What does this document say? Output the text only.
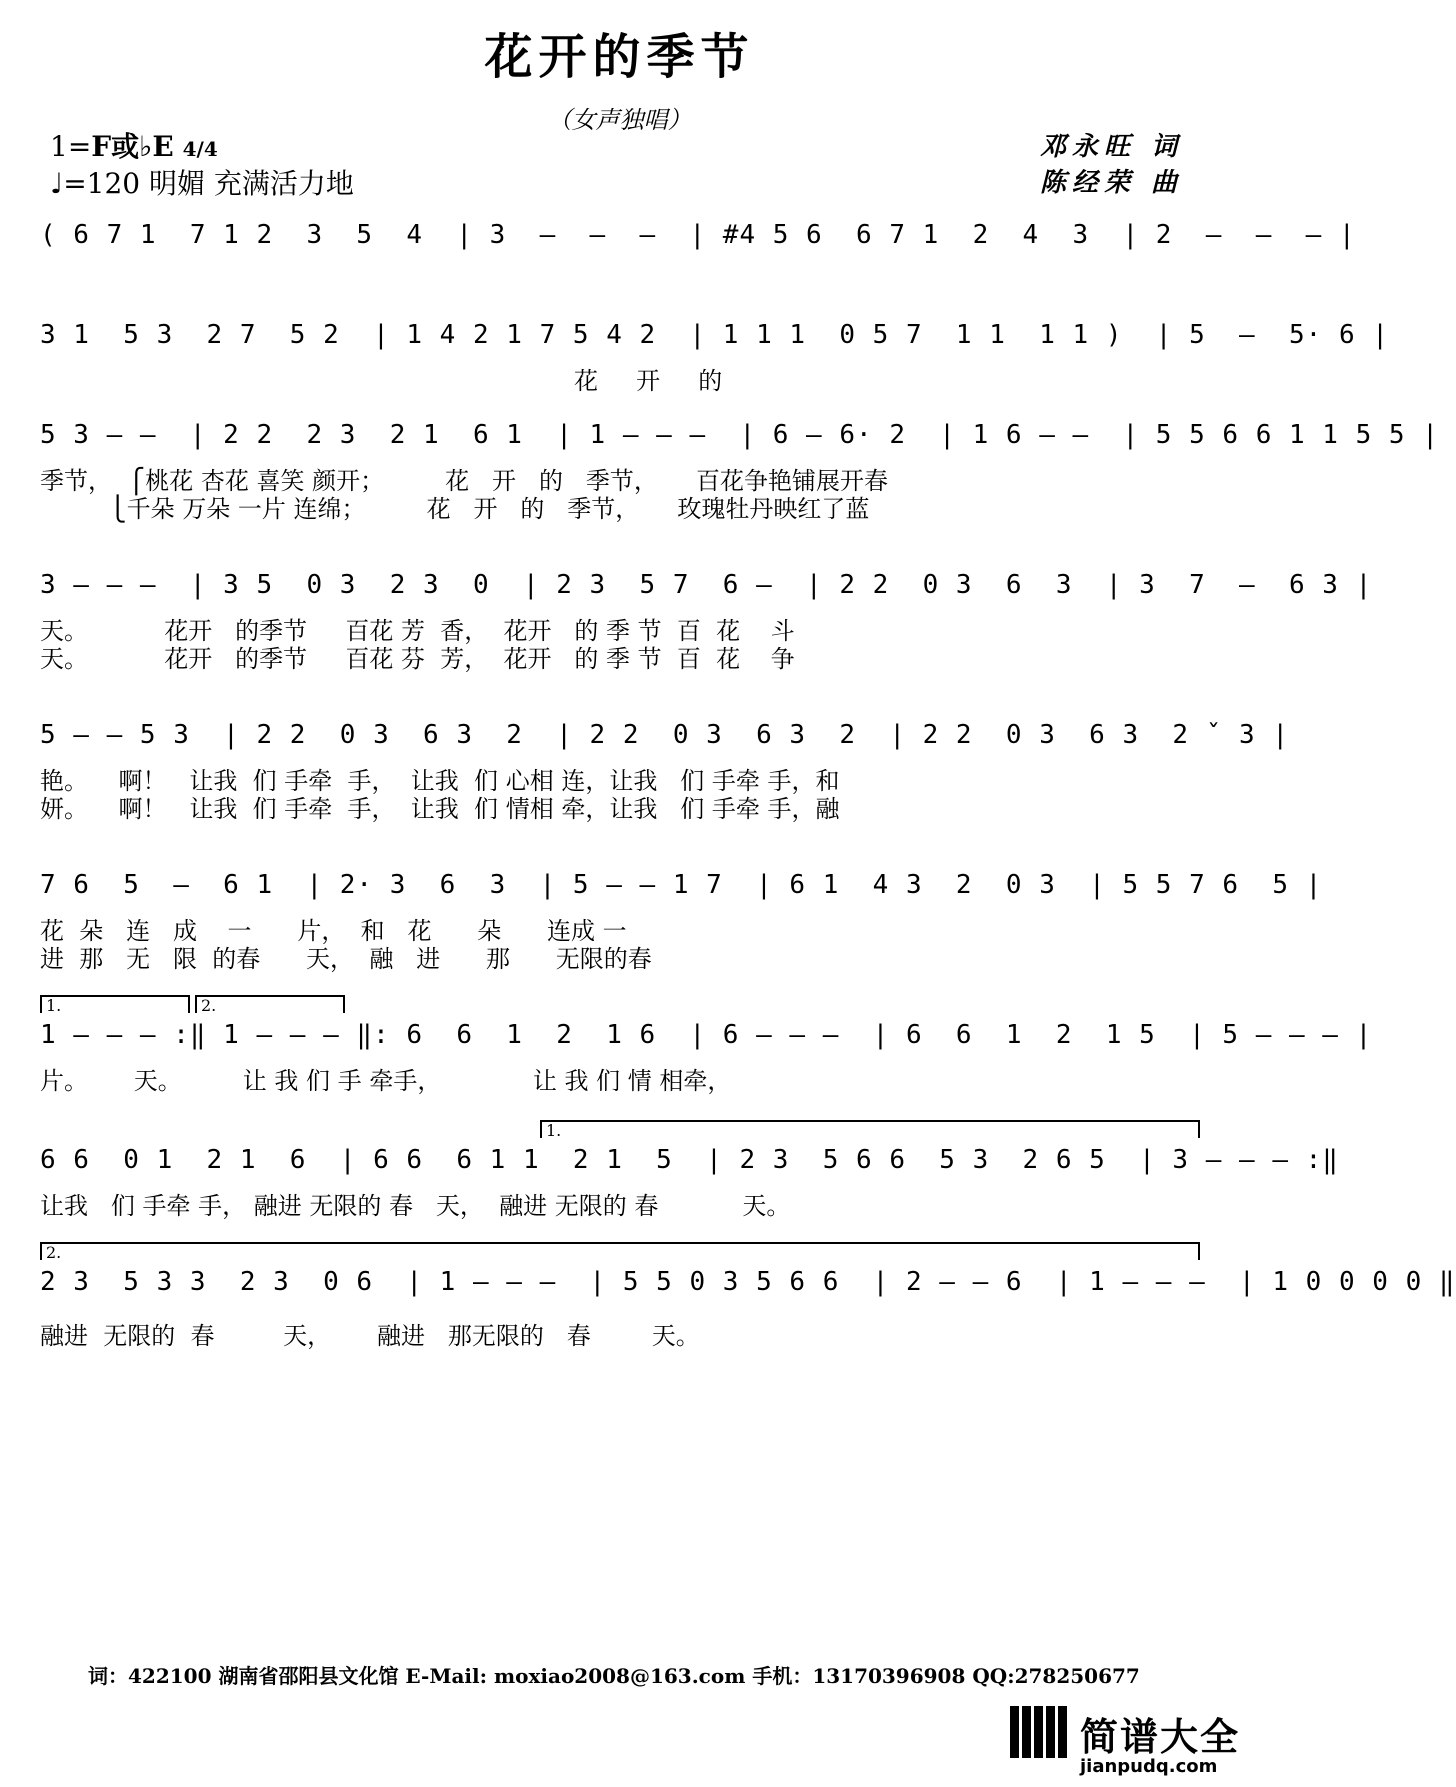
花开的季节
（女声独唱）
1=F或♭E 4/4
♩=120 明媚 充满活力地
邓永旺 词
陈经荣 曲
( 6 7 1  7 1 2  3  5  4  | 3  —  —  —  | #4 5 6  6 7 1  2  4  3  | 2  —  —  — |
3 1  5 3  2 7  5 2  | 1 4 2 1 7 5 4 2  | 1 1 1  0 5 7  1 1  1 1 )  | 5  —  5· 6 |
花     开     的
5 3 — —  | 2 2  2 3  2 1  6 1  | 1 — — —  | 6 — 6· 2  | 1 6 — —  | 5 5 6 6 1 1 5 5 |
季节，  ⎧桃花 杏花 喜笑 颜开；        花   开   的   季节，     百花争艳铺展开春
⎩千朵 万朵 一片 连绵；        花   开   的   季节，     玫瑰牡丹映红了蓝
3 — — —  | 3 5  0 3  2 3  0  | 2 3  5 7  6 —  | 2 2  0 3  6  3  | 3  7  —  6 3 |
天。          花开   的季节     百花 芳  香，  花开   的 季 节  百  花    斗
天。          花开   的季节     百花 芬  芳，  花开   的 季 节  百  花    争
5 — — 5 3  | 2 2  0 3  6 3  2  | 2 2  0 3  6 3  2  | 2 2  0 3  6 3  2 ˇ 3 |
艳。    啊！   让我  们 手牵  手，  让我  们 心相 连，让我   们 手牵 手，和
妍。    啊！   让我  们 手牵  手，  让我  们 情相 牵，让我   们 手牵 手，融
7 6  5  —  6 1  | 2· 3  6  3  | 5 — — 1 7  | 6 1  4 3  2  0 3  | 5 5 7 6  5 |
花  朵   连   成    一      片，  和   花      朵      连成 一
进  那   无   限  的春      天，  融   进      那      无限的春
1.	2.
1 — — — :‖ 1 — — — ‖: 6  6  1  2  1 6  | 6 — — —  | 6  6  1  2  1 5  | 5 — — — |
片。      天。        让 我 们 手 牵手，            让 我 们 情 相牵，
1.
6 6  0 1  2 1  6  | 6 6  6 1 1  2 1  5  | 2 3  5 6 6  5 3  2 6 5  | 3 — — — :‖
让我   们 手牵 手， 融进 无限的 春   天，  融进 无限的 春           天。
2.
2 3  5 3 3  2 3  0 6  | 1 — — —  | 5 5 0 3 5 6 6  | 2 — — 6  | 1 — — —  | 1 0 0 0 0 ‖
融进  无限的  春         天，      融进   那无限的   春        天。
词：422100 湖南省邵阳县文化馆 E-Mail: moxiao2008@163.com 手机：13170396908 QQ:278250677
简谱大全
jianpudq.com
